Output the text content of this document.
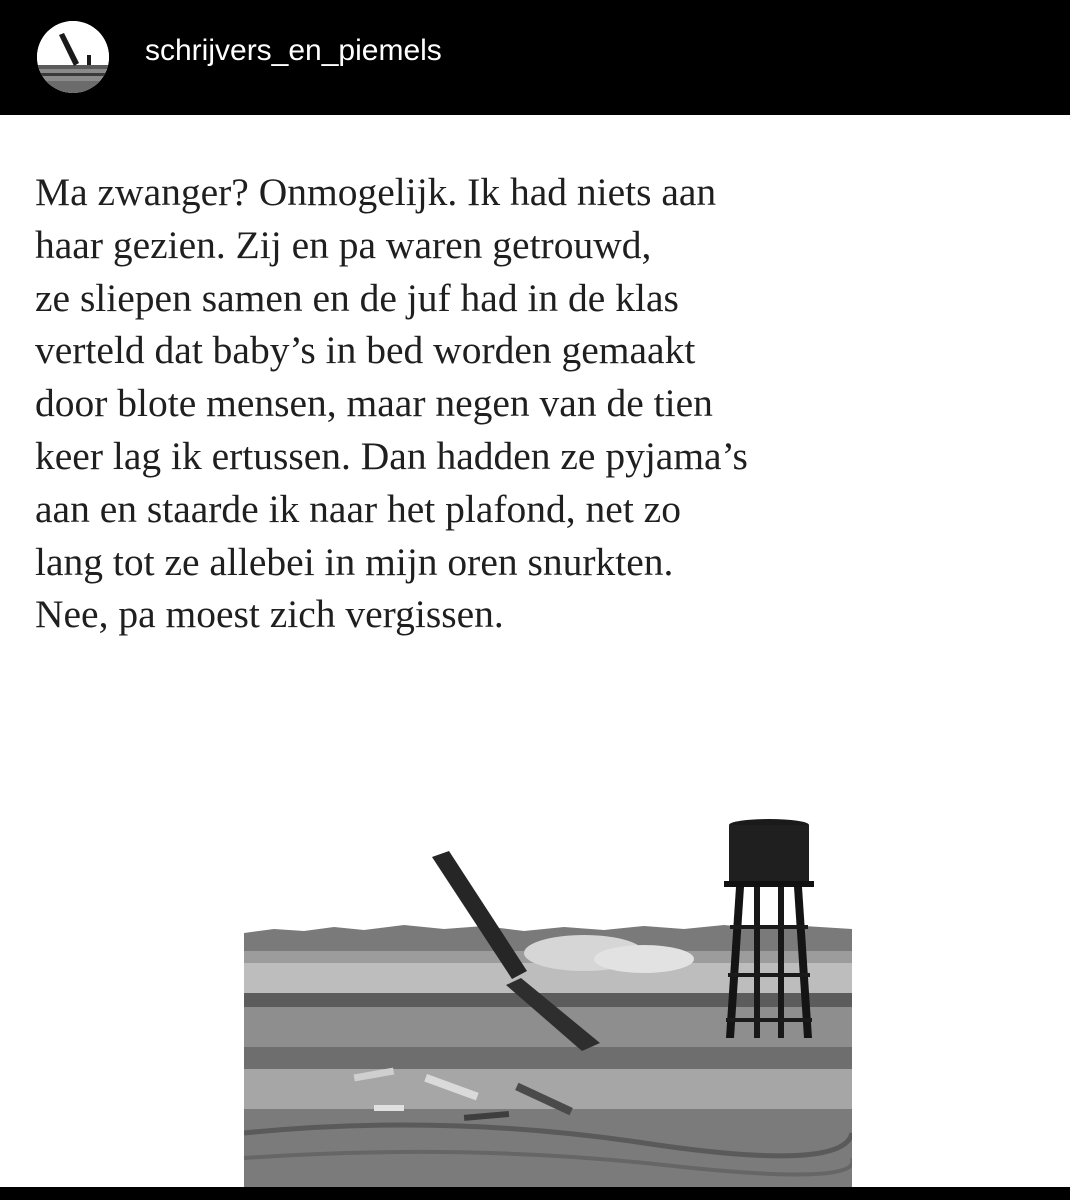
schrijvers_en_piemels

Ma zwanger? Onmogelijk. Ik had niets aan
haar gezien. Zij en pa waren getrouwd,
ze sliepen samen en de juf had in de klas
verteld dat baby’s in bed worden gemaakt
door blote mensen, maar negen van de tien
keer lag ik ertussen. Dan hadden ze pyjama’s
aan en staarde ik naar het plafond, net zo
lang tot ze allebei in mijn oren snurkten.
Nee, pa moest zich vergissen.
